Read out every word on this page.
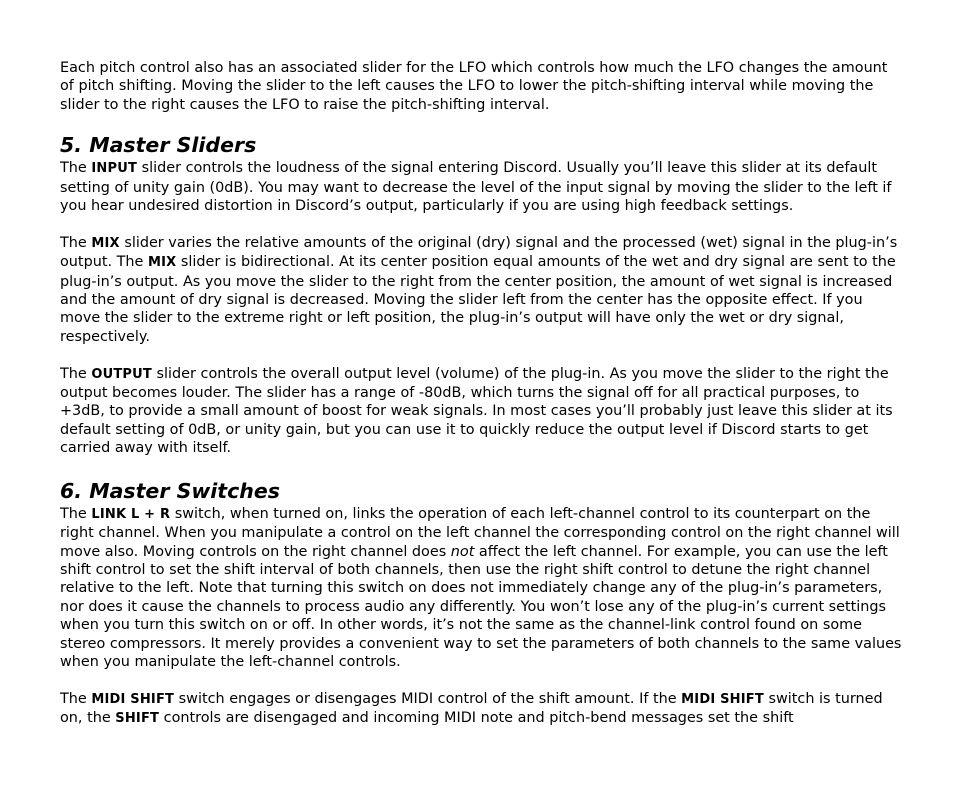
Each pitch control also has an associated slider for the LFO which controls how much the LFO changes the amount of pitch shifting. Moving the slider to the left causes the LFO to lower the pitch-shifting interval while moving the slider to the right causes the LFO to raise the pitch-shifting interval.

5. Master Sliders

The INPUT slider controls the loudness of the signal entering Discord. Usually you’ll leave this slider at its default setting of unity gain (0dB). You may want to decrease the level of the input signal by moving the slider to the left if you hear undesired distortion in Discord’s output, particularly if you are using high feedback settings.

The MIX slider varies the relative amounts of the original (dry) signal and the processed (wet) signal in the plug-in’s output. The MIX slider is bidirectional. At its center position equal amounts of the wet and dry signal are sent to the plug-in’s output. As you move the slider to the right from the center position, the amount of wet signal is increased and the amount of dry signal is decreased. Moving the slider left from the center has the opposite effect. If you move the slider to the extreme right or left position, the plug-in’s output will have only the wet or dry signal, respectively.

The OUTPUT slider controls the overall output level (volume) of the plug-in. As you move the slider to the right the output becomes louder. The slider has a range of -80dB, which turns the signal off for all practical purposes, to +3dB, to provide a small amount of boost for weak signals. In most cases you’ll probably just leave this slider at its default setting of 0dB, or unity gain, but you can use it to quickly reduce the output level if Discord starts to get carried away with itself.

6. Master Switches

The LINK L + R switch, when turned on, links the operation of each left-channel control to its counterpart on the right channel. When you manipulate a control on the left channel the corresponding control on the right channel will move also. Moving controls on the right channel does not affect the left channel. For example, you can use the left shift control to set the shift interval of both channels, then use the right shift control to detune the right channel relative to the left. Note that turning this switch on does not immediately change any of the plug-in’s parameters, nor does it cause the channels to process audio any differently. You won’t lose any of the plug-in’s current settings when you turn this switch on or off. In other words, it’s not the same as the channel-link control found on some stereo compressors. It merely provides a convenient way to set the parameters of both channels to the same values when you manipulate the left-channel controls.

The MIDI SHIFT switch engages or disengages MIDI control of the shift amount. If the MIDI SHIFT switch is turned on, the SHIFT controls are disengaged and incoming MIDI note and pitch-bend messages set the shift
